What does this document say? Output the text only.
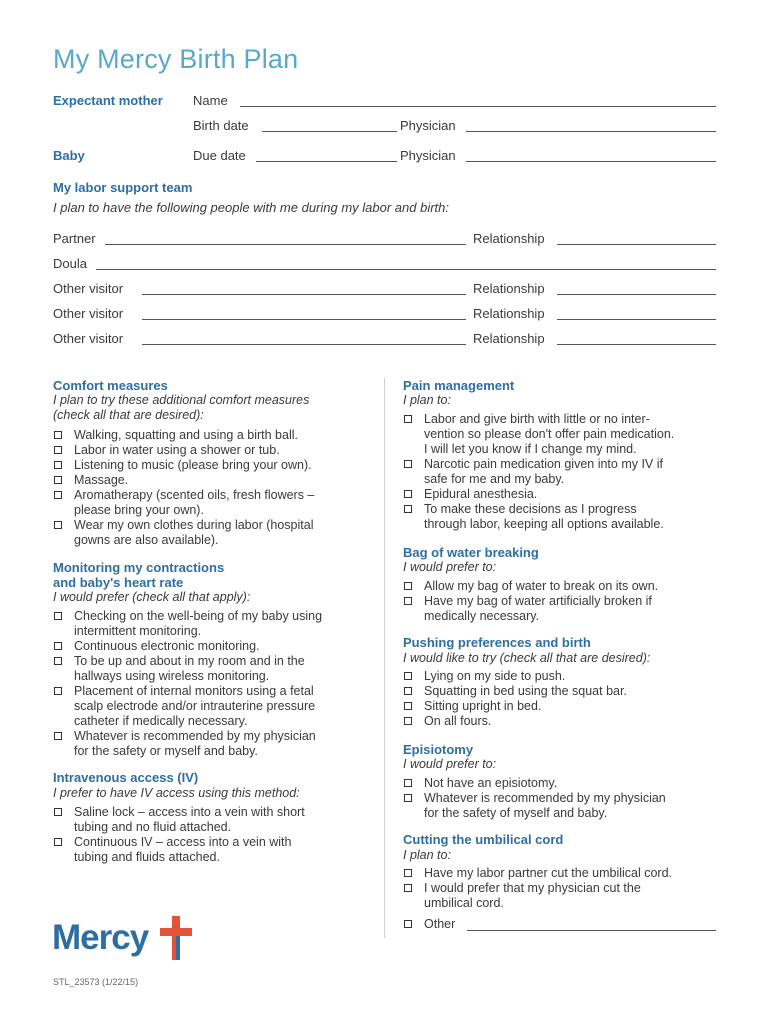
My Mercy Birth Plan
Expectant mother Name
Birth date	Physician
Baby	Due date	Physician
My labor support team
I plan to have the following people with me during my labor and birth:
Partner	Relationship
Doula
Other visitor	Relationship
Other visitor	Relationship
Other visitor	Relationship
Comfort measures
I plan to try these additional comfort measures
(check all that are desired):
Walking, squatting and using a birth ball.
Labor in water using a shower or tub.
Listening to music (please bring your own).
Massage.
Aromatherapy (scented oils, fresh flowers –
please bring your own).
Wear my own clothes during labor (hospital
gowns are also available).
Monitoring my contractions
and baby's heart rate
I would prefer (check all that apply):
Checking on the well-being of my baby using
intermittent monitoring.
Continuous electronic monitoring.
To be up and about in my room and in the
hallways using wireless monitoring.
Placement of internal monitors using a fetal
scalp electrode and/or intrauterine pressure
catheter if medically necessary.
Whatever is recommended by my physician
for the safety or myself and baby.
Intravenous access (IV)
I prefer to have IV access using this method:
Saline lock – access into a vein with short
tubing and no fluid attached.
Continuous IV – access into a vein with
tubing and fluids attached.
Pain management
I plan to:
Labor and give birth with little or no inter-
vention so please don't offer pain medication.
I will let you know if I change my mind.
Narcotic pain medication given into my IV if
safe for me and my baby.
Epidural anesthesia.
To make these decisions as I progress
through labor, keeping all options available.
Bag of water breaking
I would prefer to:
Allow my bag of water to break on its own.
Have my bag of water artificially broken if
medically necessary.
Pushing preferences and birth
I would like to try (check all that are desired):
Lying on my side to push.
Squatting in bed using the squat bar.
Sitting upright in bed.
On all fours.
Episiotomy
I would prefer to:
Not have an episiotomy.
Whatever is recommended by my physician
for the safety of myself and baby.
Cutting the umbilical cord
I plan to:
Have my labor partner cut the umbilical cord.
I would prefer that my physician cut the
umbilical cord.
Other
Mercy
STL_23573 (1/22/15)
